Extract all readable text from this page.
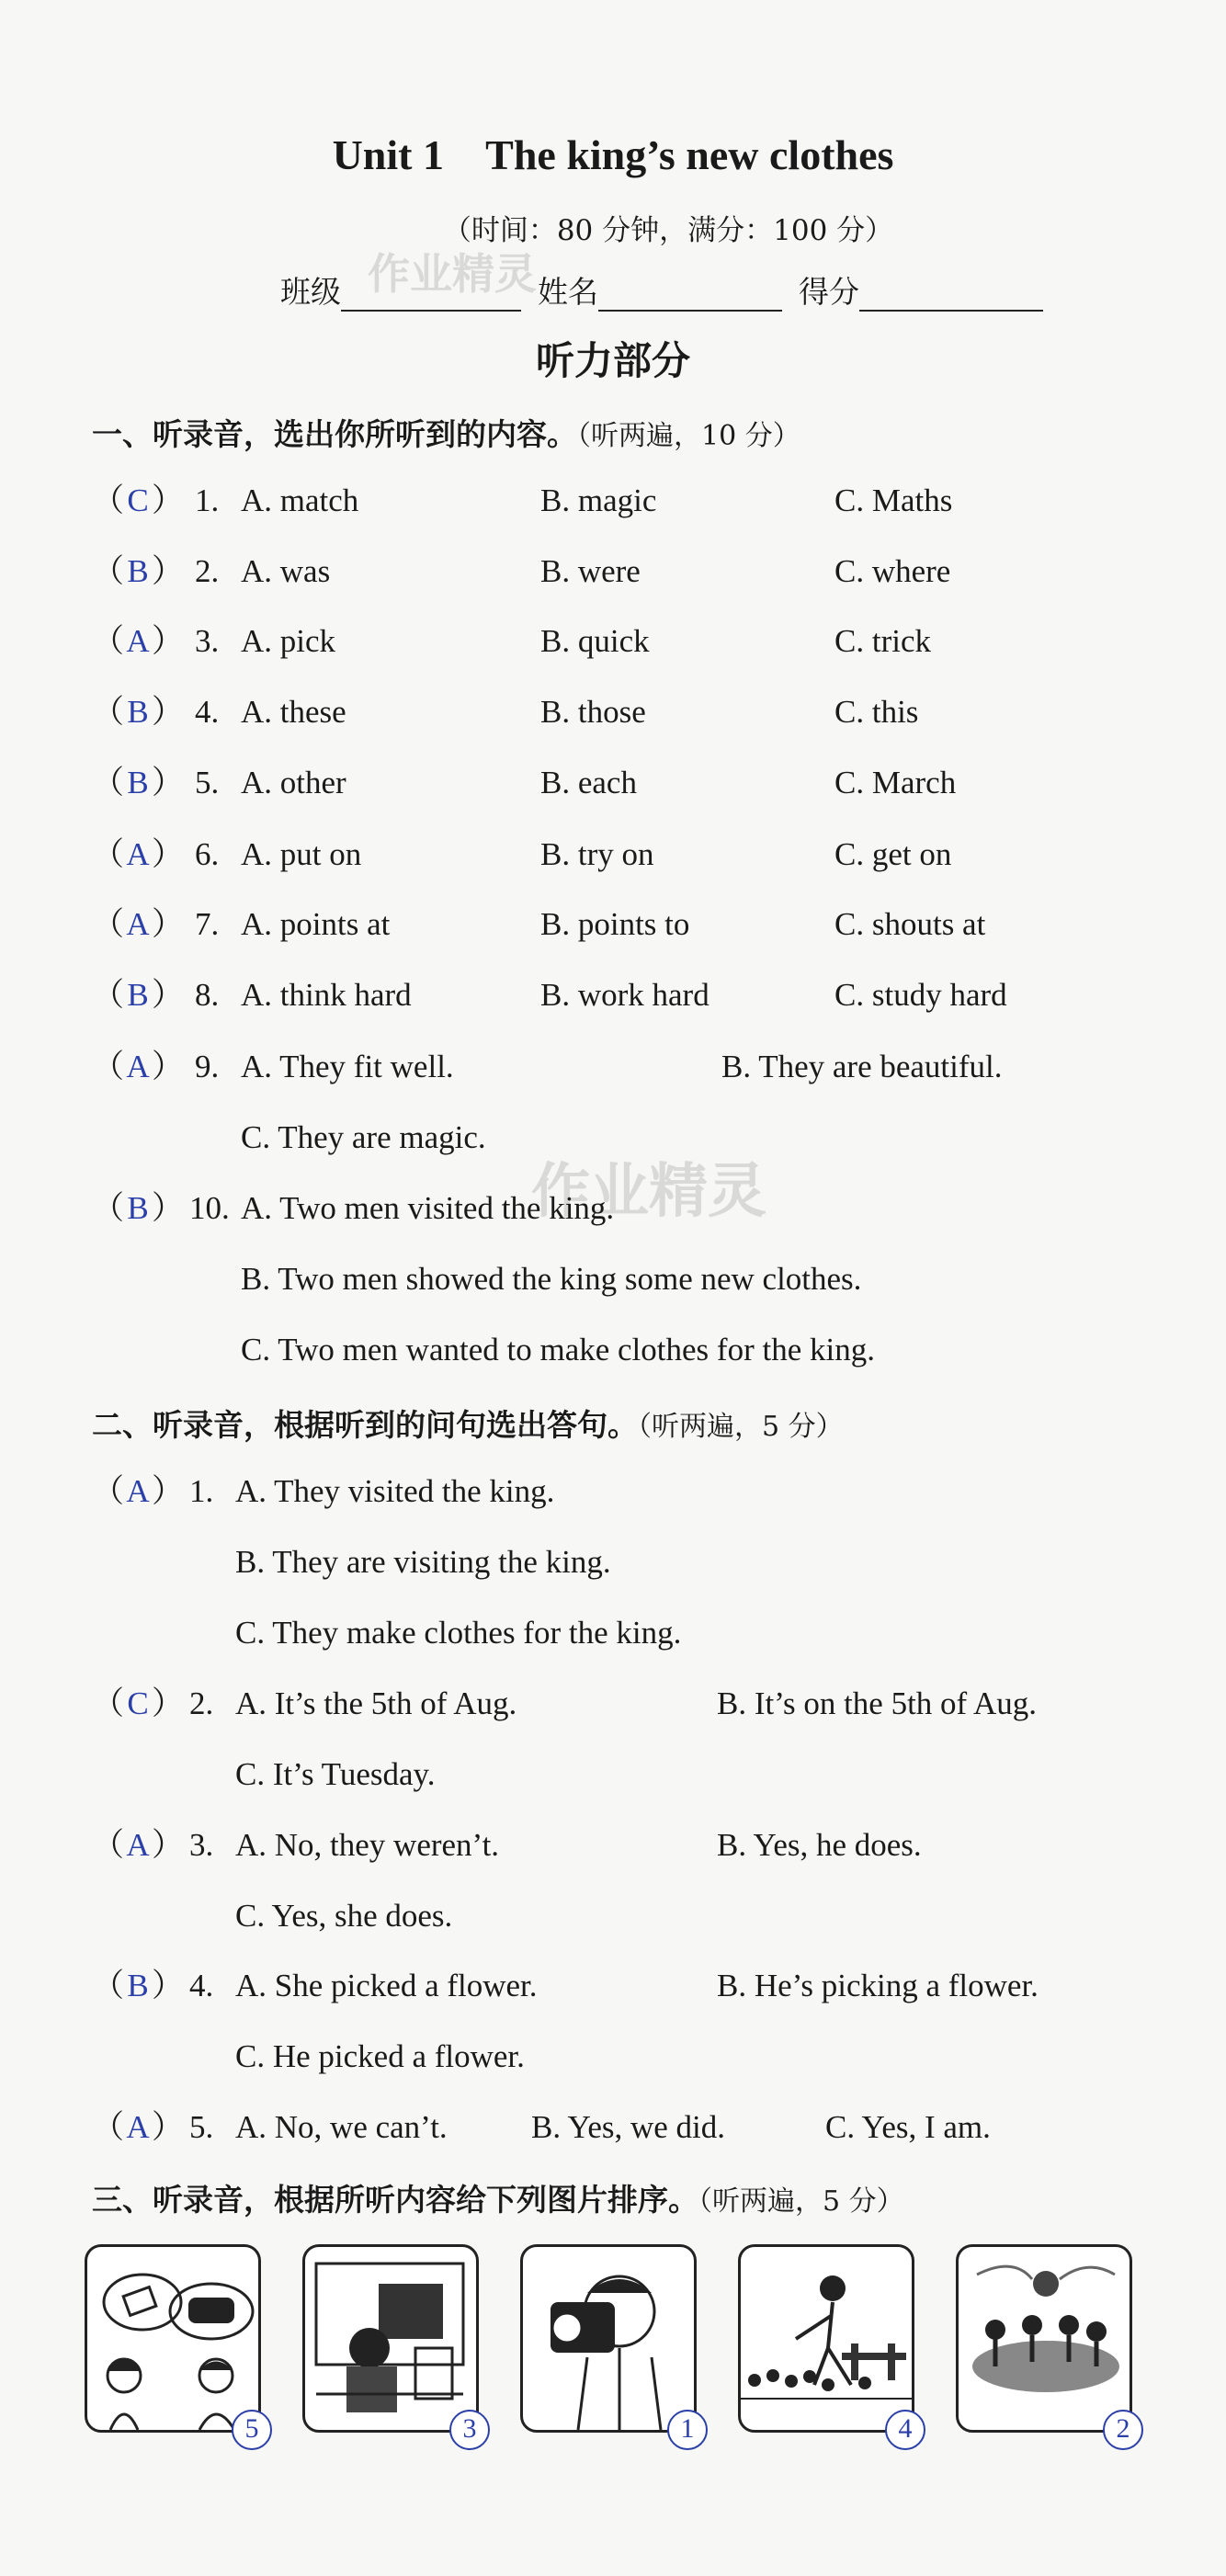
作业精灵
作业精灵
Unit 1    The king’s new clothes
（时间：80 分钟，满分：100 分）
班级	姓名	得分
听力部分
一、听录音，选出你所听到的内容。（听两遍，10 分）
（C） 1. A. match	B. magic	C. Maths
（B） 2. A. was	B. were	C. where
（A） 3. A. pick	B. quick	C. trick
（B） 4. A. these	B. those	C. this
（B） 5. A. other	B. each	C. March
（A） 6. A. put on	B. try on	C. get on
（A） 7. A. points at	B. points to	C. shouts at
（B） 8. A. think hard	B. work hard	C. study hard
（A） 9. A. They fit well.	B. They are beautiful.
C. They are magic.
（B） 10. A. Two men visited the king.
B. Two men showed the king some new clothes.
C. Two men wanted to make clothes for the king.
二、听录音，根据听到的问句选出答句。（听两遍，5 分）
（A） 1. A. They visited the king.
B. They are visiting the king.
C. They make clothes for the king.
（C） 2. A. It’s the 5th of Aug.	B. It’s on the 5th of Aug.
C. It’s Tuesday.
（A） 3. A. No, they weren’t.	B. Yes, he does.
C. Yes, she does.
（B） 4. A. She picked a flower.	B. He’s picking a flower.
C. He picked a flower.
（A） 5. A. No, we can’t.	B. Yes, we did.	C. Yes, I am.
三、听录音，根据所听内容给下列图片排序。（听两遍，5 分）
5	3	1	4	2
